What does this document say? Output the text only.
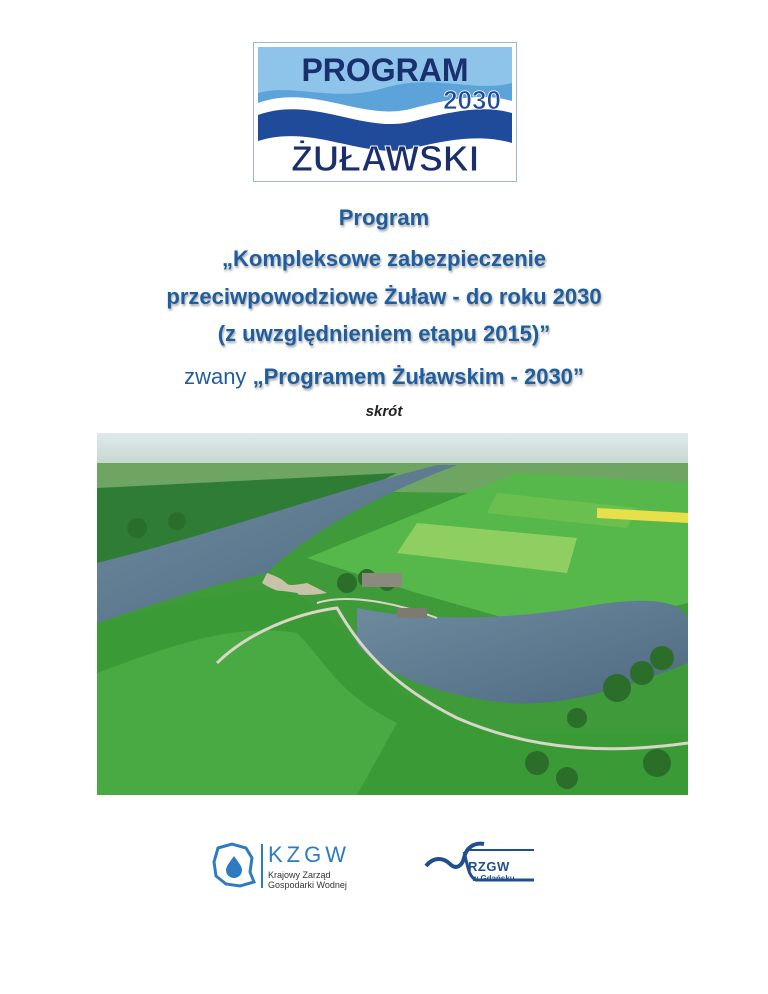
PROGRAM
2030
ŻUŁAWSKI
Program
„Kompleksowe zabezpieczenie
przeciwpowodziowe Żuław - do roku 2030
(z uwzględnieniem etapu 2015)”
zwany „Programem Żuławskim - 2030”
skrót
KZGW
Krajowy Zarząd
Gospodarki Wodnej
RZGW
w Gdańsku
